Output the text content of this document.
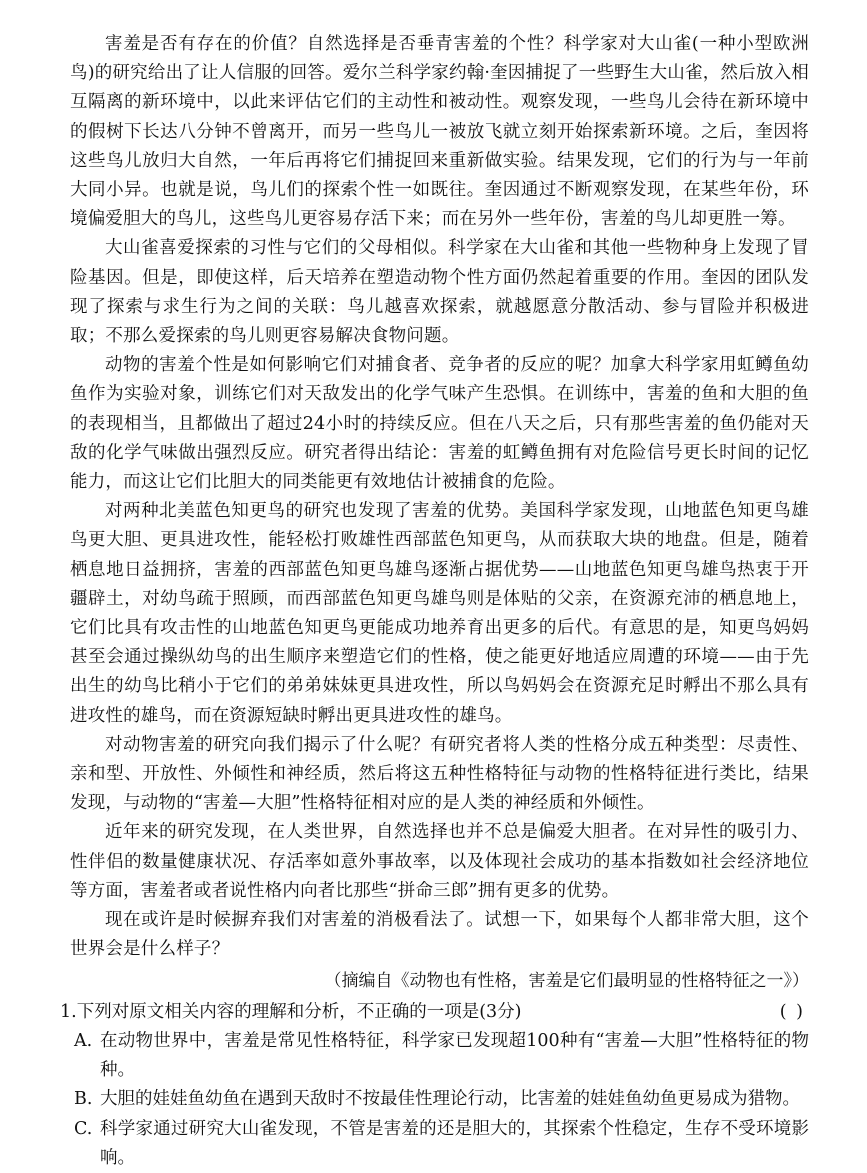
害羞是否有存在的价值？自然选择是否垂青害羞的个性？科学家对大山雀(一种小型欧洲鸟)的研究给出了让人信服的回答。爱尔兰科学家约翰·奎因捕捉了一些野生大山雀，然后放入相互隔离的新环境中，以此来评估它们的主动性和被动性。观察发现，一些鸟儿会待在新环境中的假树下长达八分钟不曾离开，而另一些鸟儿一被放飞就立刻开始探索新环境。之后，奎因将这些鸟儿放归大自然，一年后再将它们捕捉回来重新做实验。结果发现，它们的行为与一年前大同小异。也就是说，鸟儿们的探索个性一如既往。奎因通过不断观察发现，在某些年份，环境偏爱胆大的鸟儿，这些鸟儿更容易存活下来；而在另外一些年份，害羞的鸟儿却更胜一筹。

大山雀喜爱探索的习性与它们的父母相似。科学家在大山雀和其他一些物种身上发现了冒险基因。但是，即使这样，后天培养在塑造动物个性方面仍然起着重要的作用。奎因的团队发现了探索与求生行为之间的关联：鸟儿越喜欢探索，就越愿意分散活动、参与冒险并积极进取；不那么爱探索的鸟儿则更容易解决食物问题。

动物的害羞个性是如何影响它们对捕食者、竞争者的反应的呢？加拿大科学家用虹鳟鱼幼鱼作为实验对象，训练它们对天敌发出的化学气味产生恐惧。在训练中，害羞的鱼和大胆的鱼的表现相当，且都做出了超过24小时的持续反应。但在八天之后，只有那些害羞的鱼仍能对天敌的化学气味做出强烈反应。研究者得出结论：害羞的虹鳟鱼拥有对危险信号更长时间的记忆能力，而这让它们比胆大的同类能更有效地估计被捕食的危险。

对两种北美蓝色知更鸟的研究也发现了害羞的优势。美国科学家发现，山地蓝色知更鸟雄鸟更大胆、更具进攻性，能轻松打败雄性西部蓝色知更鸟，从而获取大块的地盘。但是，随着栖息地日益拥挤，害羞的西部蓝色知更鸟雄鸟逐渐占据优势——山地蓝色知更鸟雄鸟热衷于开疆辟土，对幼鸟疏于照顾，而西部蓝色知更鸟雄鸟则是体贴的父亲，在资源充沛的栖息地上，它们比具有攻击性的山地蓝色知更鸟更能成功地养育出更多的后代。有意思的是，知更鸟妈妈甚至会通过操纵幼鸟的出生顺序来塑造它们的性格，使之能更好地适应周遭的环境——由于先出生的幼鸟比稍小于它们的弟弟妹妹更具进攻性，所以鸟妈妈会在资源充足时孵出不那么具有进攻性的雄鸟，而在资源短缺时孵出更具进攻性的雄鸟。

对动物害羞的研究向我们揭示了什么呢？有研究者将人类的性格分成五种类型：尽责性、亲和型、开放性、外倾性和神经质，然后将这五种性格特征与动物的性格特征进行类比，结果发现，与动物的“害羞—大胆”性格特征相对应的是人类的神经质和外倾性。

近年来的研究发现，在人类世界，自然选择也并不总是偏爱大胆者。在对异性的吸引力、性伴侣的数量健康状况、存活率如意外事故率，以及体现社会成功的基本指数如社会经济地位等方面，害羞者或者说性格内向者比那些“拼命三郎”拥有更多的优势。

现在或许是时候摒弃我们对害羞的消极看法了。试想一下，如果每个人都非常大胆，这个世界会是什么样子？

（摘编自《动物也有性格，害羞是它们最明显的性格特征之一》）

1.下列对原文相关内容的理解和分析，不正确的一项是(3分)	( )
A. 在动物世界中，害羞是常见性格特征，科学家已发现超100种有“害羞—大胆”性格特征的物种。
B. 大胆的娃娃鱼幼鱼在遇到天敌时不按最佳性理论行动，比害羞的娃娃鱼幼鱼更易成为猎物。
C. 科学家通过研究大山雀发现，不管是害羞的还是胆大的，其探索个性稳定，生存不受环境影响。
